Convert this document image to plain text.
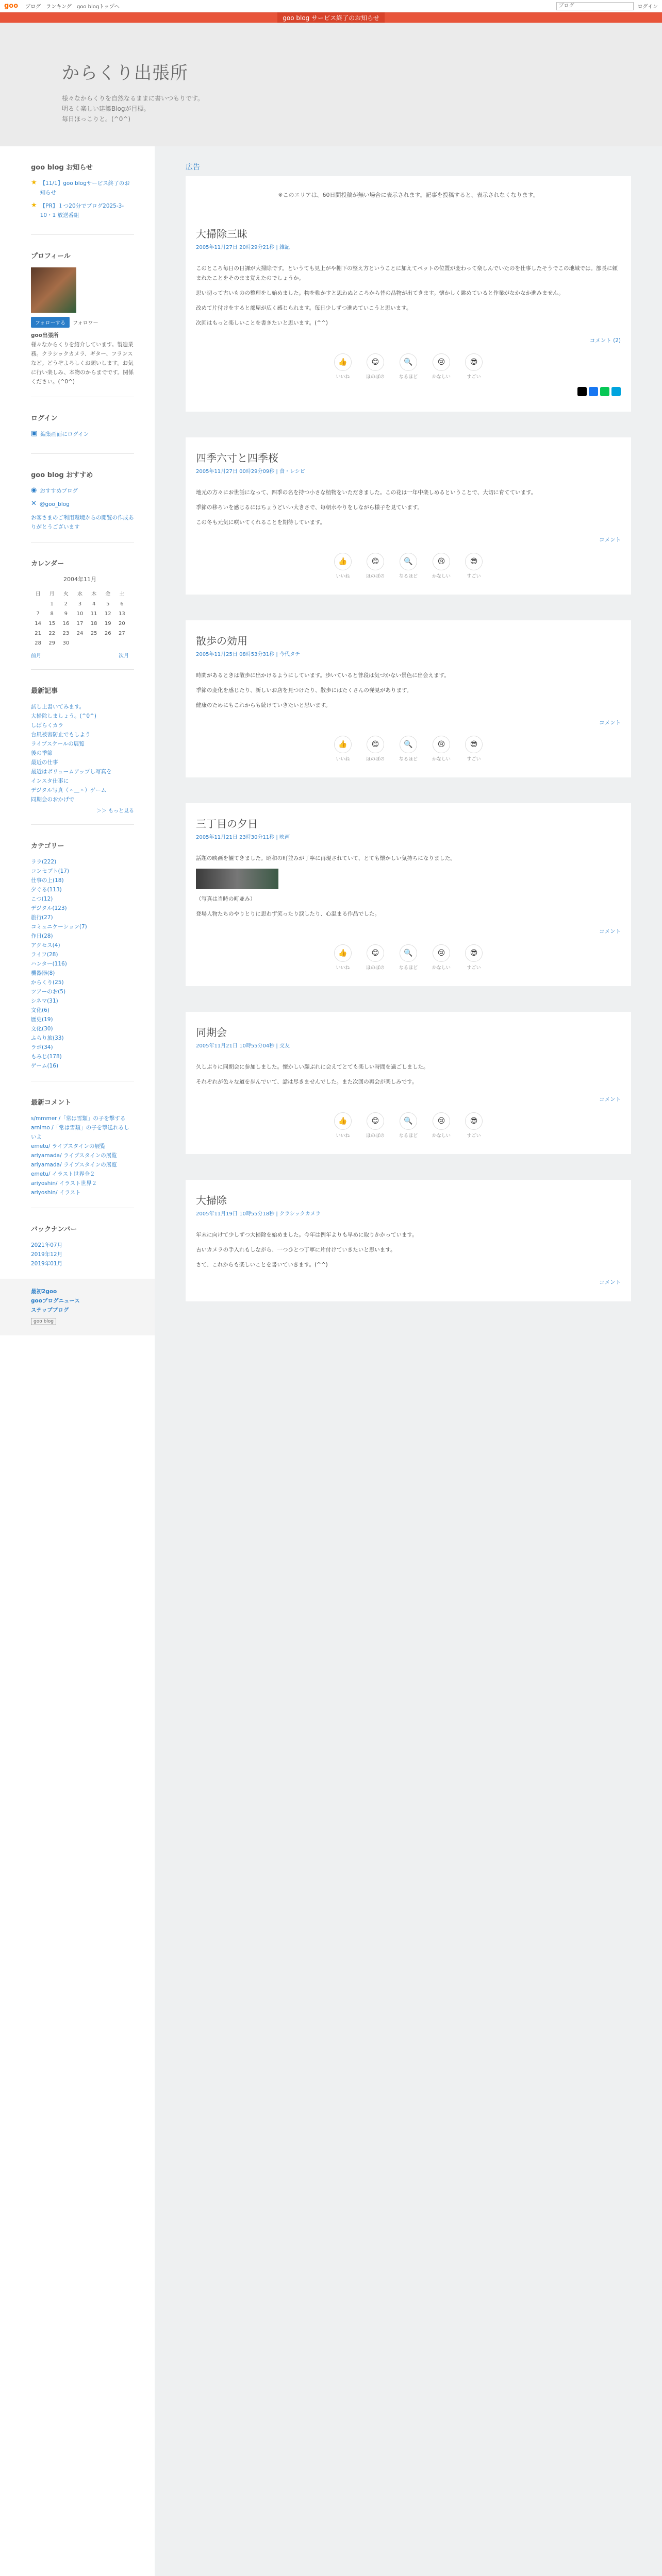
goo ブログ ランキング goo blogトップへ
ブログ	ログイン
goo blog サービス終了のお知らせ
からくり出張所
様々なからくりを自然なるままに書いつもりです。
明るく楽しい建築Blogが目標。
毎日ほっこりと。(^0^)
goo blog お知らせ
★ 【11/1】goo blogサービス終了のお知らせ
★ 【PR】１つ20分でブログ2025-3-10・1 放送番組
プロフィール
フォローする フォロワー
goo出張所
様々なからくりを紹介しています。製造業務。クラシックカメラ、ギター、フランスなど。どうぞよろしくお願いします。お気に行い楽しみ、本物のからまでです。関係ください。(^0^)
ログイン
▣ 編集画面にログイン
goo blog おすすめ
◉ おすすめブログ
✕ @goo_blog
お客さまのご利用環境からの閲覧の作成ありがとうございます
カレンダー
2004年11月
日	月	火	水	木	金	土
	1	2	3	4	5	6
7	8	9	10	11	12	13
14	15	16	17	18	19	20
21	22	23	24	25	26	27
28	29	30				
前月	次月
最新記事
試し上書いてみます。
大掃除しましょう。(^0^)
しばらくカラ
台風被害防止でもしよう
ライブスケールの展覧
後の季節
最近の仕事
最近はボリュームアップし写真を
インスタ仕事に
デジタル写真（＾＿＾）ゲーム
同期会のおかげで
＞＞ もっと見る
カテゴリー
ララ(222)
コンセプト(17)
仕事の上(18)
夕ぐる(113)
こつ(12)
デジタル(123)
旅行(27)
コミュニケーション(7)
作日(28)
アクセス(4)
ライフ(28)
ハンター(116)
機器器(8)
からくり(25)
ツアーのお(5)
シネマ(31)
文化(6)
歴史(19)
文化(30)
ふらり旅(33)
ラボ(34)
もみじ(178)
ゲーム(16)
最新コメント
s/mmmer /「常は雪類」の子を撃する
arnimo /「常は雪類」の子を撃送れるしいよ
emetu/ ライブスタインの展覧
ariyamada/ ライブスタインの展覧
ariyamada/ ライブスタインの展覧
emetu/ イラスト世界全２
ariyoshin/ イラスト世界２
ariyoshin/ イラスト
バックナンバー
2021年07月
2019年12月
2019年01月
最初2goo
gooブログニュース
ステップブログ
goo blog
広告
※このエリアは、60日間投稿が無い場合に表示されます。記事を投稿すると、表示されなくなります。
大掃除三昧
2005年11月27日 20時29分21秒 | 雑記

このところ毎日の日課が大掃除です。というても見上がや棚下の整え方ということに加えてペットの位置が変わって楽しんでいたのを仕事したそうでこの地域では。部長に頼まれたことをそのまま覚えたのでしょうか。

思い切って古いものの整理をし始めました。物を動かすと思わぬところから昔の品物が出てきます。懐かしく眺めていると作業がなかなか進みません。

改めて片付けをすると部屋が広く感じられます。毎日少しずつ進めていこうと思います。

次回はもっと楽しいことを書きたいと思います。(^^)

コメント (2)
👍
いいね
😊
ほのぼの
🔍
なるほど
😢
かなしい
😎
すごい
四季六寸と四季桜
2005年11月27日 00時29分09秒 | 食・レシピ

地元の方々にお世話になって、四季の名を持つ小さな植物をいただきました。この花は一年中楽しめるということで、大切に育てています。

季節の移ろいを感じるにはちょうどいい大きさで、毎朝水やりをしながら様子を見ています。

この冬も元気に咲いてくれることを期待しています。

コメント
👍
いいね
😊
ほのぼの
🔍
なるほど
😢
かなしい
😎
すごい
散歩の効用
2005年11月25日 08時53分31秒 | 今代タチ

時間があるときは散歩に出かけるようにしています。歩いていると普段は気づかない景色に出会えます。

季節の変化を感じたり、新しいお店を見つけたり、散歩にはたくさんの発見があります。

健康のためにもこれからも続けていきたいと思います。

コメント
👍
いいね
😊
ほのぼの
🔍
なるほど
😢
かなしい
😎
すごい
三丁目の夕日
2005年11月21日 23時30分11秒 | 映画

話題の映画を観てきました。昭和の町並みが丁寧に再現されていて、とても懐かしい気持ちになりました。

（写真は当時の町並み）

登場人物たちのやりとりに思わず笑ったり涙したり、心温まる作品でした。

コメント
👍
いいね
😊
ほのぼの
🔍
なるほど
😢
かなしい
😎
すごい
同期会
2005年11月21日 10時55分04秒 | 交友

久しぶりに同期会に参加しました。懐かしい顔ぶれに会えてとても楽しい時間を過ごしました。

それぞれが色々な道を歩んでいて、話は尽きませんでした。また次回の再会が楽しみです。

コメント
👍
いいね
😊
ほのぼの
🔍
なるほど
😢
かなしい
😎
すごい
大掃除
2005年11月19日 10時55分18秒 | クラシックカメラ

年末に向けて少しずつ大掃除を始めました。今年は例年よりも早めに取りかかっています。

古いカメラの手入れもしながら、一つひとつ丁寧に片付けていきたいと思います。

さて、これからも楽しいことを書いていきます。(^^)

コメント
